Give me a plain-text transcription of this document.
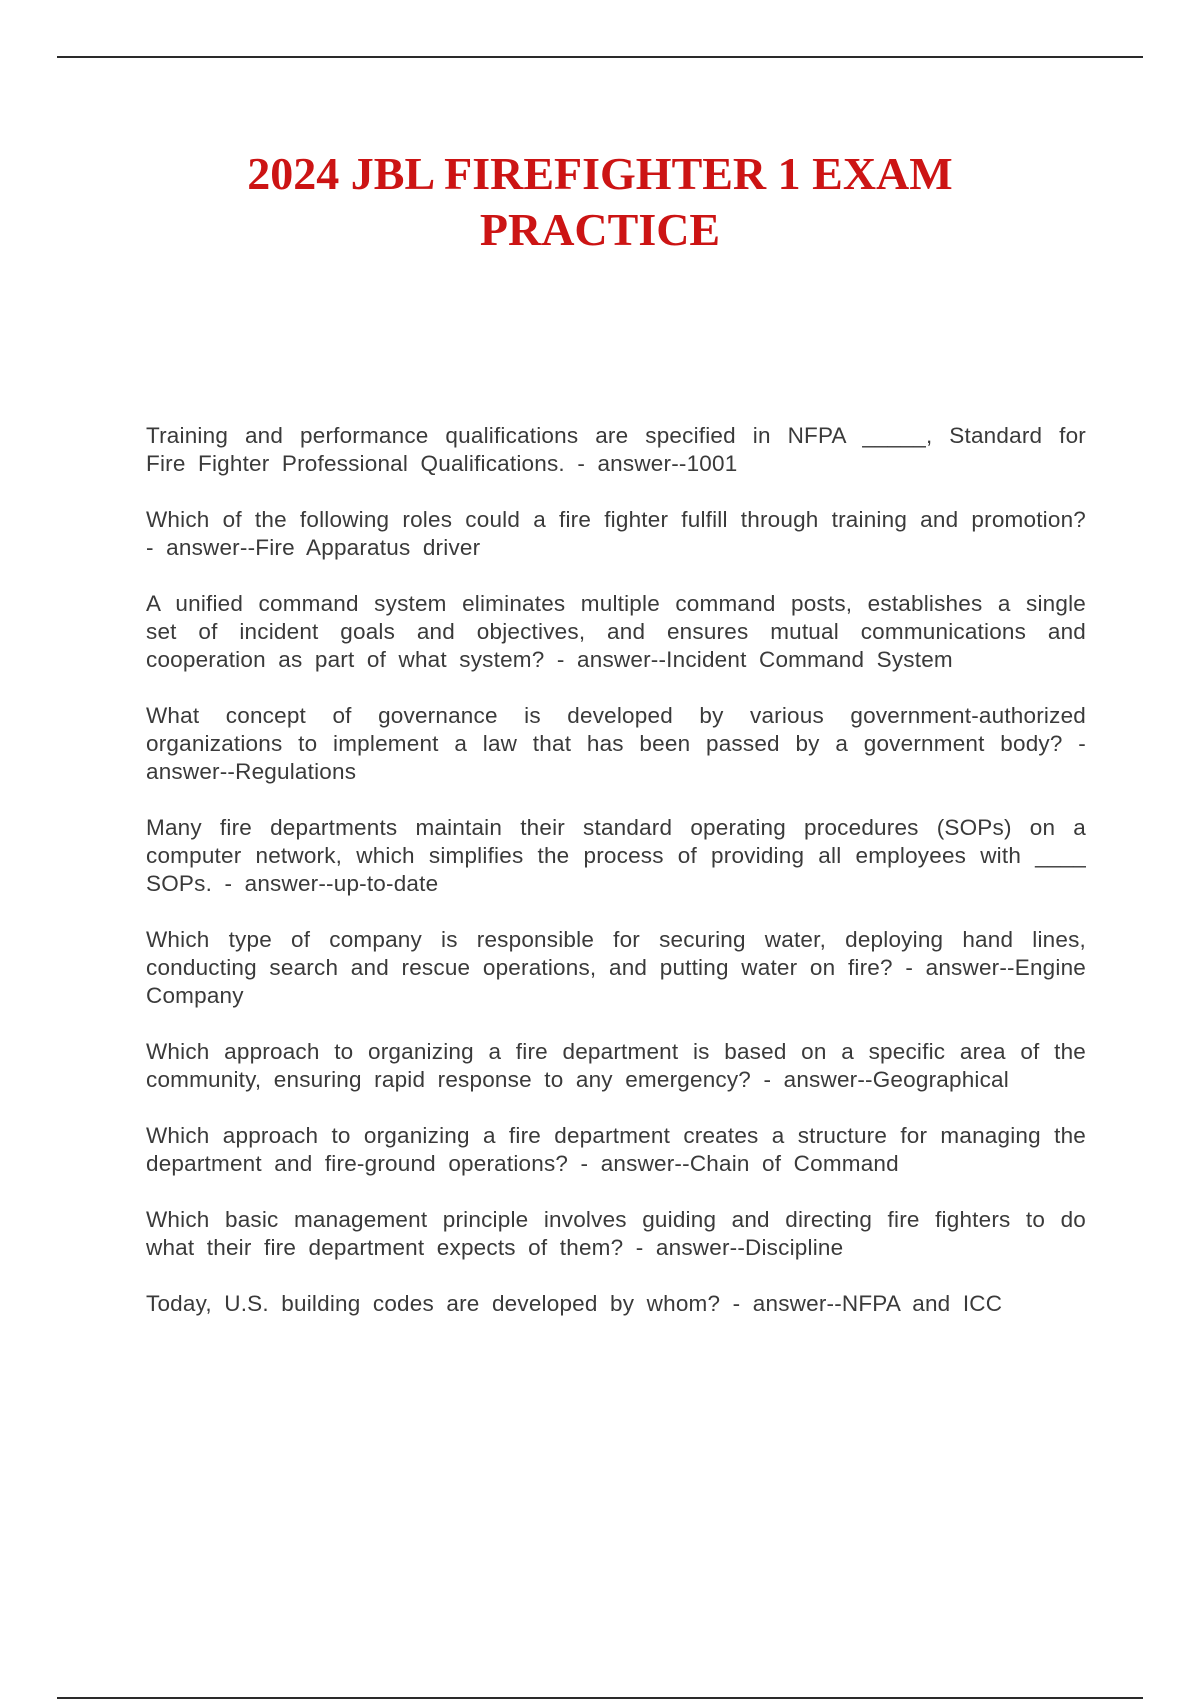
2024 JBL FIREFIGHTER 1 EXAM
PRACTICE

Training and performance qualifications are specified in NFPA _____, Standard for Fire Fighter Professional Qualifications. - answer--1001

Which of the following roles could a fire fighter fulfill through training and promotion? - answer--Fire Apparatus driver

A unified command system eliminates multiple command posts, establishes a single set of incident goals and objectives, and ensures mutual communications and cooperation as part of what system? - answer--Incident Command System

What concept of governance is developed by various government-authorized organizations to implement a law that has been passed by a government body? - answer--Regulations

Many fire departments maintain their standard operating procedures (SOPs) on a computer network, which simplifies the process of providing all employees with ____ SOPs. - answer--up-to-date

Which type of company is responsible for securing water, deploying hand lines, conducting search and rescue operations, and putting water on fire? - answer--Engine Company

Which approach to organizing a fire department is based on a specific area of the community, ensuring rapid response to any emergency? - answer--Geographical

Which approach to organizing a fire department creates a structure for managing the department and fire-ground operations? - answer--Chain of Command

Which basic management principle involves guiding and directing fire fighters to do what their fire department expects of them? - answer--Discipline

Today, U.S. building codes are developed by whom? - answer--NFPA and ICC
